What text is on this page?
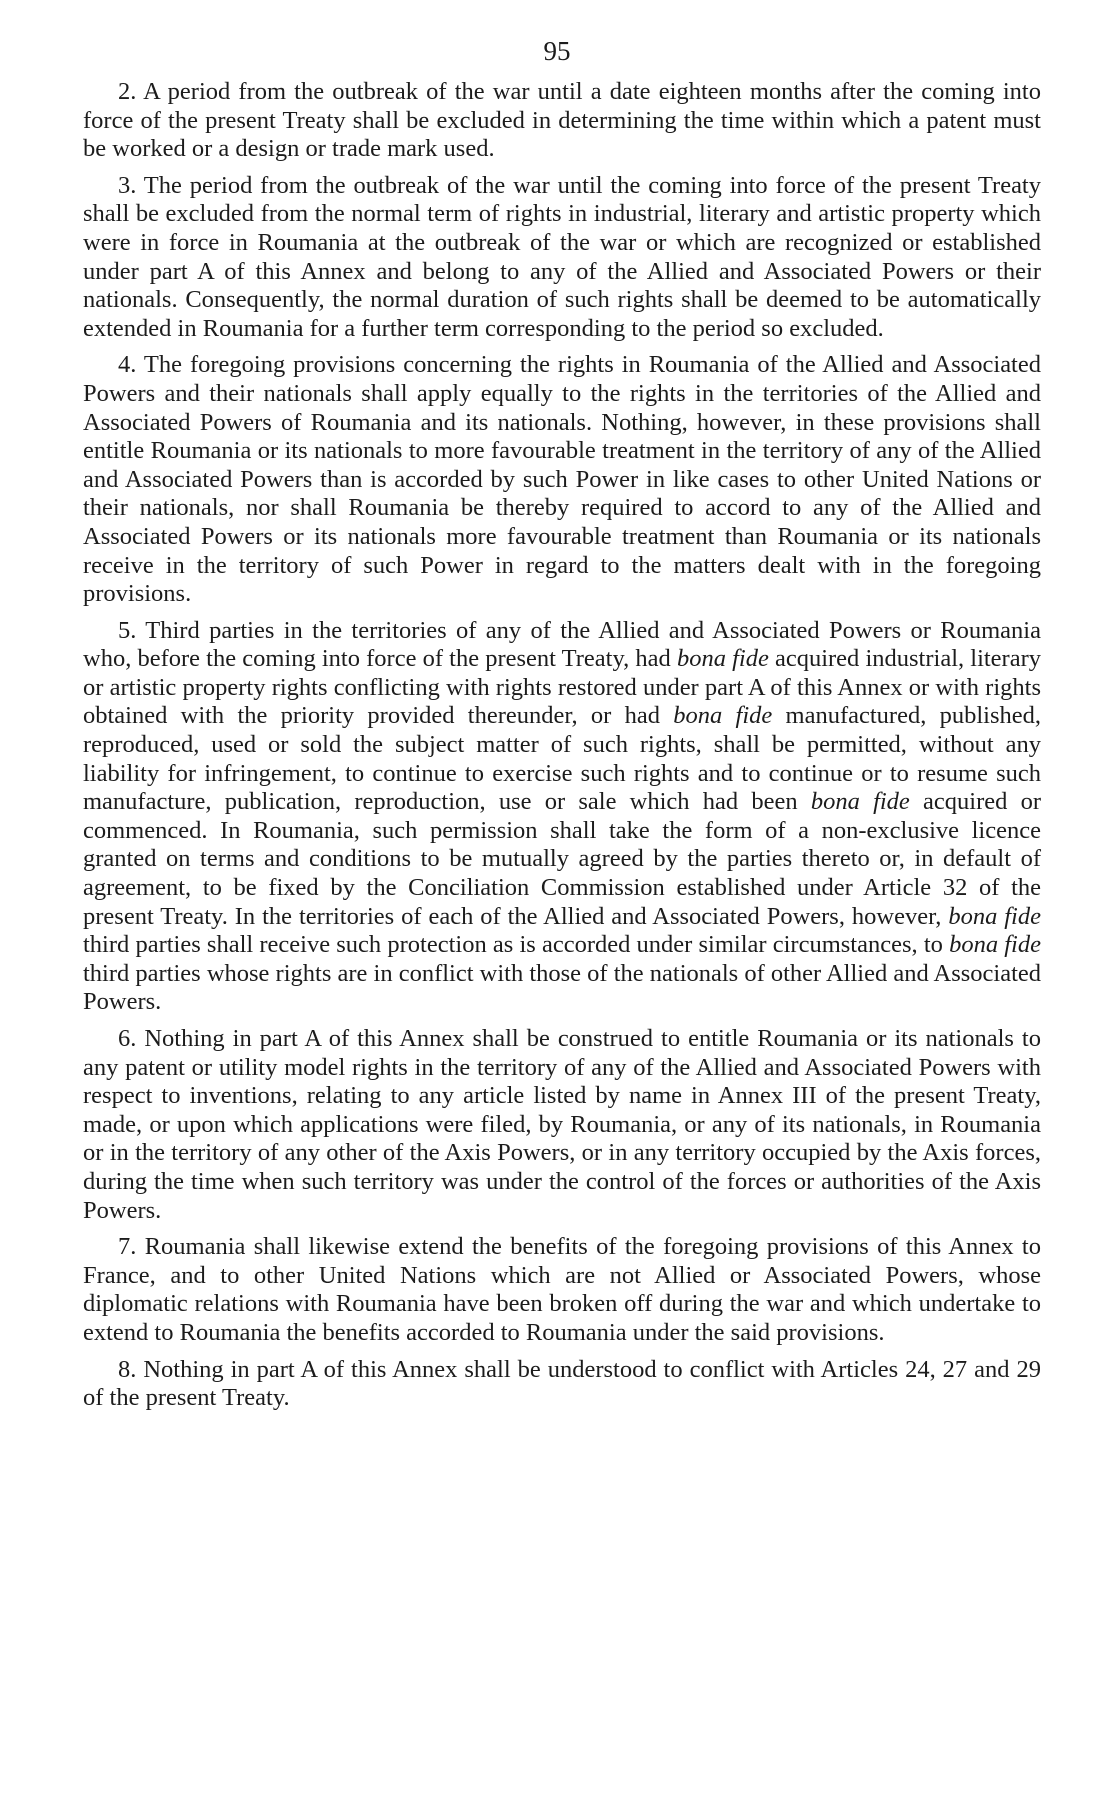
95

2. A period from the outbreak of the war until a date eighteen months after the coming into force of the present Treaty shall be excluded in determining the time within which a patent must be worked or a design or trade mark used.

3. The period from the outbreak of the war until the coming into force of the present Treaty shall be excluded from the normal term of rights in industrial, literary and artistic property which were in force in Roumania at the outbreak of the war or which are recognized or established under part A of this Annex and belong to any of the Allied and Associated Powers or their nationals. Consequently, the normal duration of such rights shall be deemed to be automatically extended in Roumania for a further term corresponding to the period so excluded.

4. The foregoing provisions concerning the rights in Roumania of the Allied and Associated Powers and their nationals shall apply equally to the rights in the territories of the Allied and Associated Powers of Roumania and its nationals. Nothing, however, in these provisions shall entitle Roumania or its nationals to more favourable treatment in the territory of any of the Allied and Associated Powers than is accorded by such Power in like cases to other United Nations or their nationals, nor shall Roumania be thereby required to accord to any of the Allied and Associated Powers or its nationals more favourable treatment than Roumania or its nationals receive in the territory of such Power in regard to the matters dealt with in the foregoing provisions.

5. Third parties in the territories of any of the Allied and Associated Powers or Roumania who, before the coming into force of the present Treaty, had bona fide acquired industrial, literary or artistic property rights conflicting with rights restored under part A of this Annex or with rights obtained with the priority provided thereunder, or had bona fide manufactured, published, reproduced, used or sold the subject matter of such rights, shall be permitted, without any liability for infringement, to continue to exercise such rights and to continue or to resume such manufacture, publication, reproduction, use or sale which had been bona fide acquired or commenced. In Roumania, such permission shall take the form of a non-exclusive licence granted on terms and conditions to be mutually agreed by the parties thereto or, in default of agreement, to be fixed by the Conciliation Commission established under Article 32 of the present Treaty. In the territories of each of the Allied and Associated Powers, however, bona fide third parties shall receive such protection as is accorded under similar circumstances, to bona fide third parties whose rights are in conflict with those of the nationals of other Allied and Associated Powers.

6. Nothing in part A of this Annex shall be construed to entitle Roumania or its nationals to any patent or utility model rights in the territory of any of the Allied and Associated Powers with respect to inventions, relating to any article listed by name in Annex III of the present Treaty, made, or upon which applications were filed, by Roumania, or any of its nationals, in Roumania or in the territory of any other of the Axis Powers, or in any territory occupied by the Axis forces, during the time when such territory was under the control of the forces or authorities of the Axis Powers.

7. Roumania shall likewise extend the benefits of the foregoing provisions of this Annex to France, and to other United Nations which are not Allied or Associated Powers, whose diplomatic relations with Roumania have been broken off during the war and which undertake to extend to Roumania the benefits accorded to Roumania under the said provisions.

8. Nothing in part A of this Annex shall be understood to conflict with Articles 24, 27 and 29 of the present Treaty.
